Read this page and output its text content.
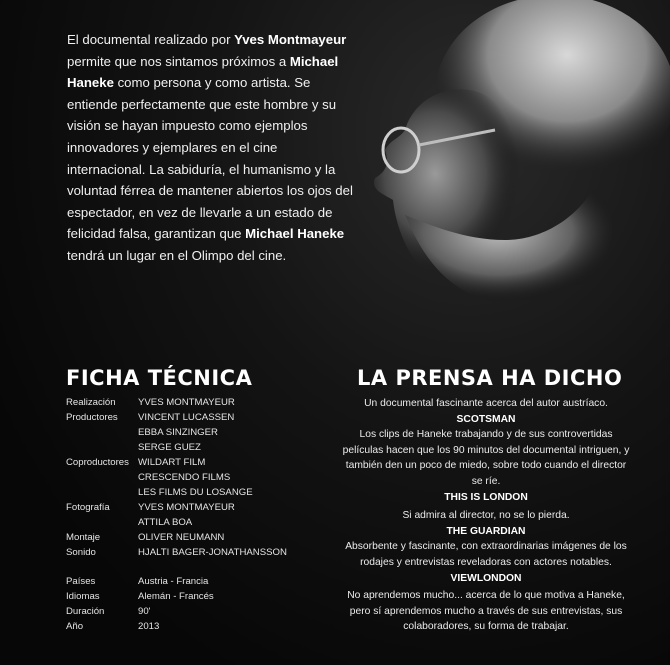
El documental realizado por Yves Montmayeur permite que nos sintamos próximos a Michael Haneke como persona y como artista. Se entiende perfectamente que este hombre y su visión se hayan impuesto como ejemplos innovadores y ejemplares en el cine internacional. La sabiduría, el humanismo y la voluntad férrea de mantener abiertos los ojos del espectador, en vez de llevarle a un estado de felicidad falsa, garantizan que Michael Haneke tendrá un lugar en el Olimpo del cine.
FICHA TÉCNICA	LA PRENSA HA DICHO
Realización	YVES MONTMAYEUR
Productores	VINCENT LUCASSEN
EBBA SINZINGER
SERGE GUEZ
Coproductores WILDART FILM
CRESCENDO FILMS
LES FILMS DU LOSANGE
Fotografía	YVES MONTMAYEUR
ATTILA BOA
Montaje	OLIVER NEUMANN
Sonido	HJALTI BAGER-JONATHANSSON
Países	Austria - Francia
Idiomas	Alemán - Francés
Duración	90'
Año	2013
Un documental fascinante acerca del autor austríaco.
SCOTSMAN
Los clips de Haneke trabajando y de sus controvertidas películas hacen que los 90 minutos del documental intriguen, y también den un poco de miedo, sobre todo cuando el director se ríe.
THIS IS LONDON
Si admira al director, no se lo pierda.
THE GUARDIAN
Absorbente y fascinante, con extraordinarias imágenes de los rodajes y entrevistas reveladoras con actores notables.
VIEWLONDON
No aprendemos mucho... acerca de lo que motiva a Haneke, pero sí aprendemos mucho a través de sus entrevistas, sus colaboradores, su forma de trabajar.
